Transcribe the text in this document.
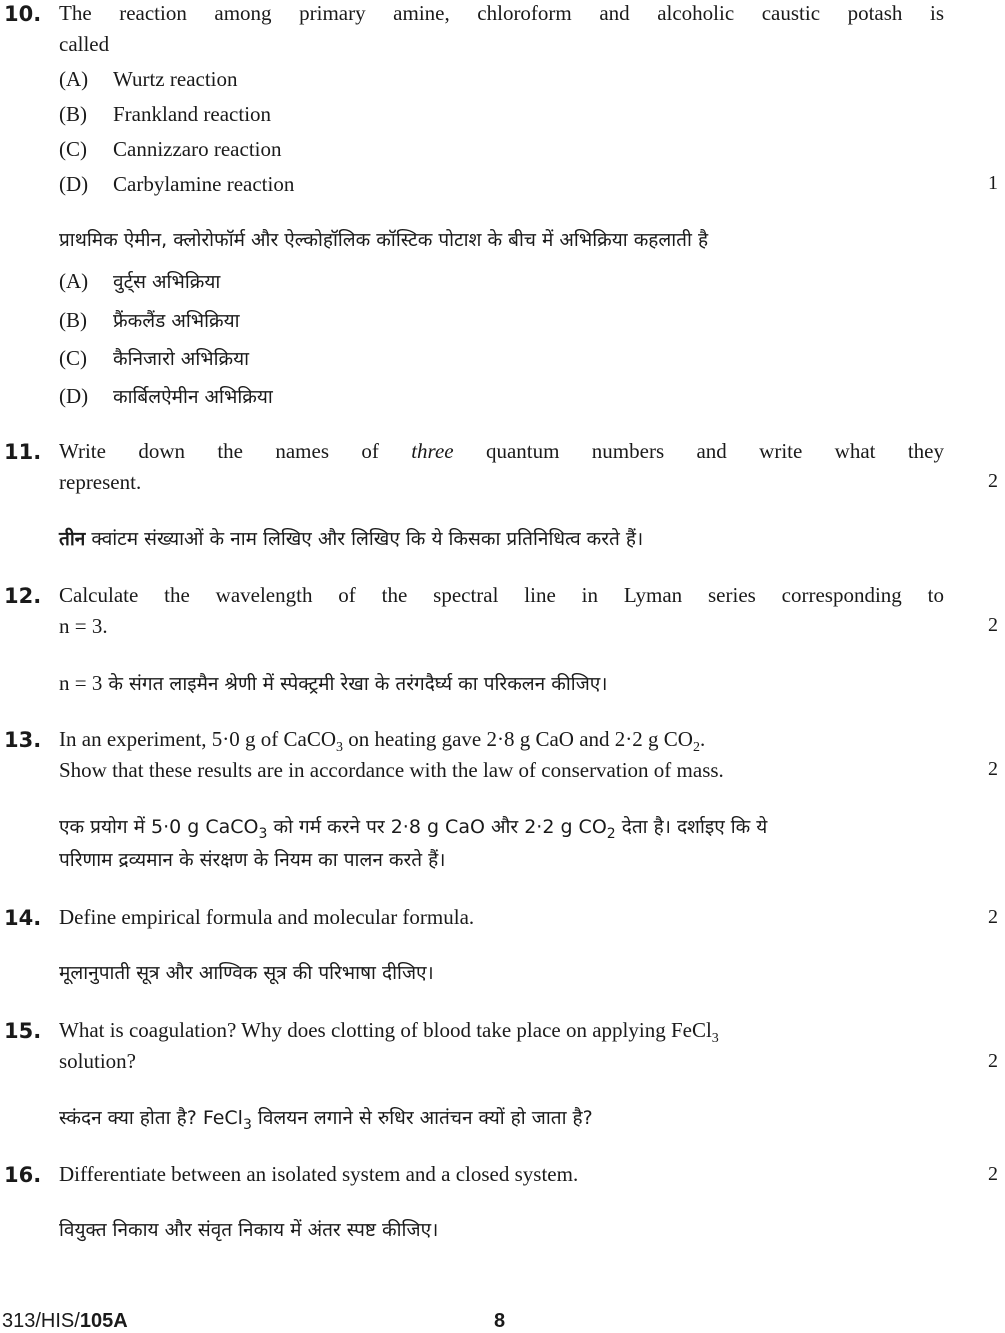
10. The reaction among primary amine, chloroform and alcoholic caustic potash is
called
(A) Wurtz reaction
(B) Frankland reaction
(C) Cannizzaro reaction
(D) Carbylamine reaction	1
प्राथमिक ऐमीन, क्लोरोफॉर्म और ऐल्कोहॉलिक कॉस्टिक पोटाश के बीच में अभिक्रिया कहलाती है
(A) वुर्ट्स अभिक्रिया
(B) फ्रैंकलैंड अभिक्रिया
(C) कैनिजारो अभिक्रिया
(D) कार्बिलऐमीन अभिक्रिया
11. Write down the names of three quantum numbers and write what they
represent.	2
तीन क्वांटम संख्याओं के नाम लिखिए और लिखिए कि ये किसका प्रतिनिधित्व करते हैं।
12. Calculate the wavelength of the spectral line in Lyman series corresponding to
n = 3.	2
n = 3 के संगत लाइमैन श्रेणी में स्पेक्ट्रमी रेखा के तरंगदैर्घ्य का परिकलन कीजिए।
13. In an experiment, 5·0 g of CaCO$_3$ on heating gave 2·8 g CaO and 2·2 g $CO_2$.
Show that these results are in accordance with the law of conservation of mass.	2
एक प्रयोग में 5·0 g CaCO$_3$ को गर्म करने पर 2·8 g CaO और 2·2 g $CO_2$ देता है। दर्शाइए कि ये
परिणाम द्रव्यमान के संरक्षण के नियम का पालन करते हैं।
14. Define empirical formula and molecular formula.	2
मूलानुपाती सूत्र और आण्विक सूत्र की परिभाषा दीजिए।
15. What is coagulation? Why does clotting of blood take place on applying FeCl$_3$
solution?	2
स्कंदन क्या होता है? FeCl$_3$ विलयन लगाने से रुधिर आतंचन क्यों हो जाता है?
16. Differentiate between an isolated system and a closed system.	2
वियुक्त निकाय और संवृत निकाय में अंतर स्पष्ट कीजिए।
313/HIS/105A	8
